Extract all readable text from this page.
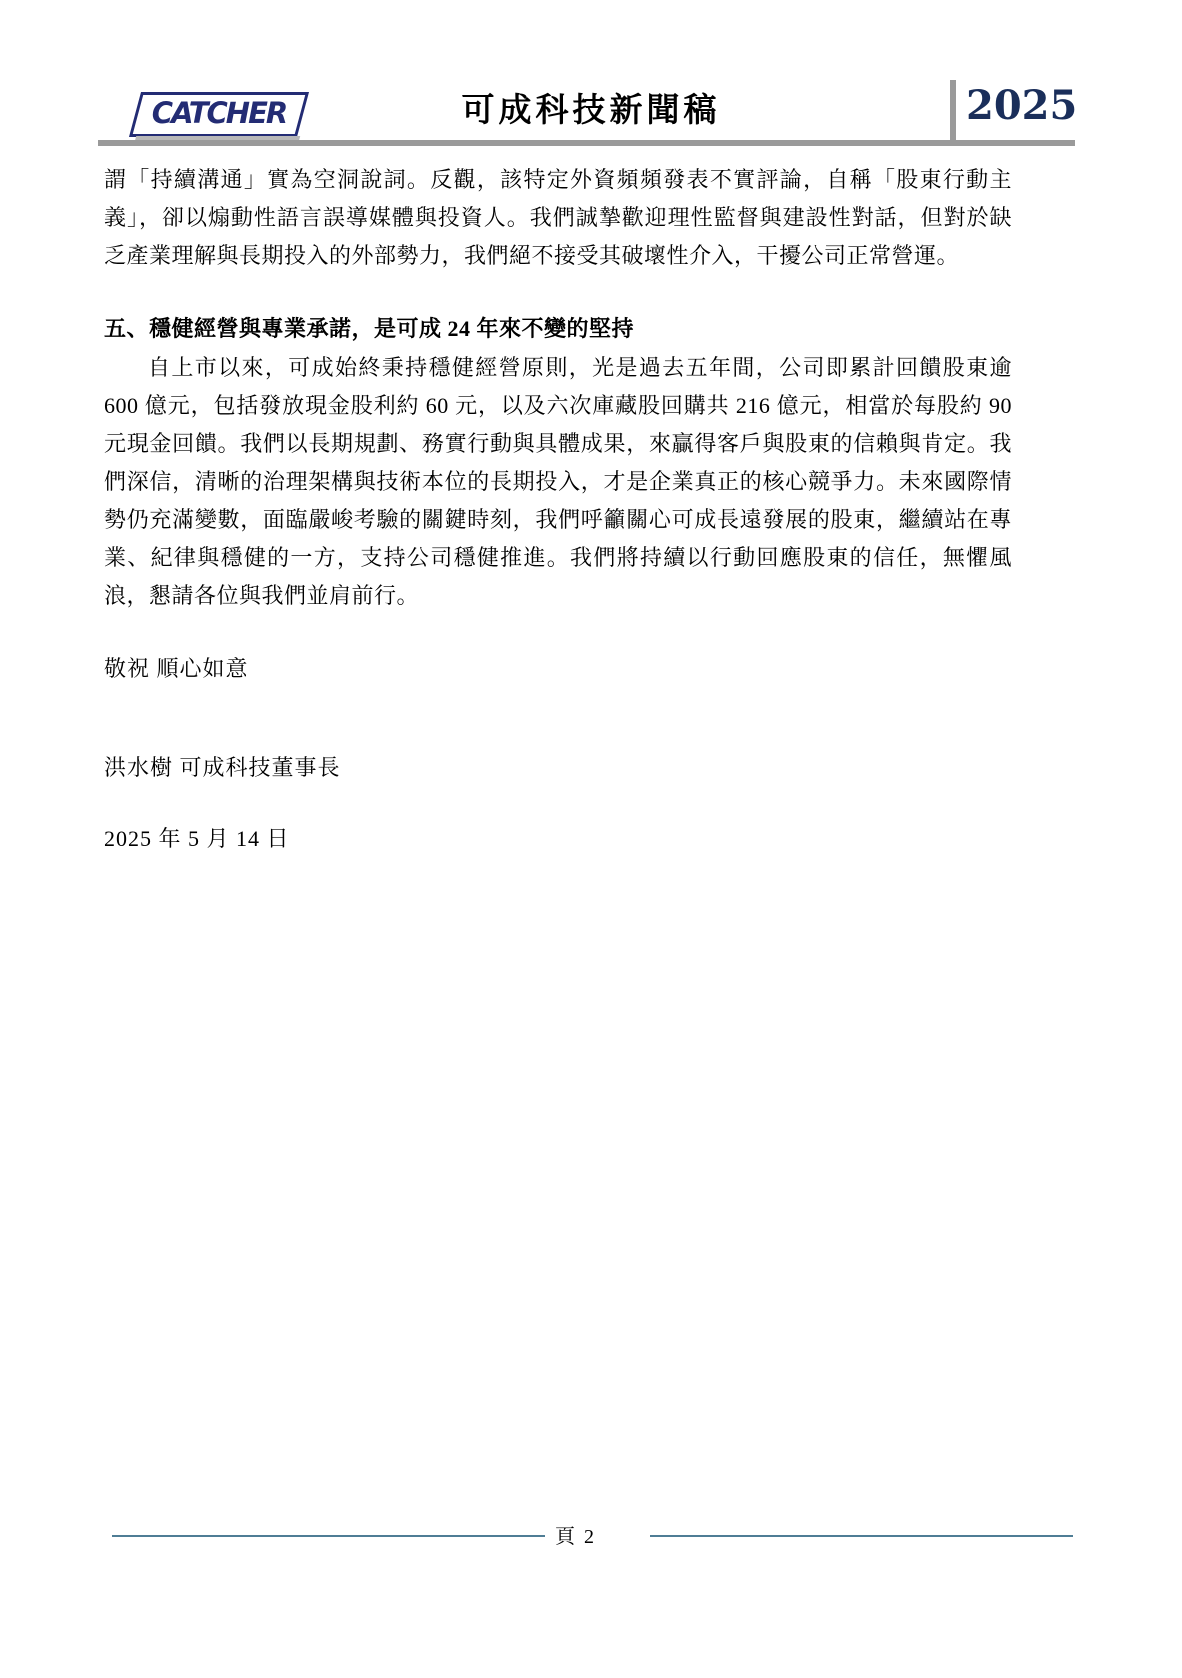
CATCHER	可成科技新聞稿	2025
謂「持續溝通」實為空洞說詞。反觀，該特定外資頻頻發表不實評論，自稱「股東行動主義」，卻以煽動性語言誤導媒體與投資人。我們誠摯歡迎理性監督與建設性對話，但對於缺乏產業理解與長期投入的外部勢力，我們絕不接受其破壞性介入，干擾公司正常營運。
五、穩健經營與專業承諾，是可成 24 年來不變的堅持
自上市以來，可成始終秉持穩健經營原則，光是過去五年間，公司即累計回饋股東逾 600 億元，包括發放現金股利約 60 元，以及六次庫藏股回購共 216 億元，相當於每股約 90 元現金回饋。我們以長期規劃、務實行動與具體成果，來贏得客戶與股東的信賴與肯定。我們深信，清晰的治理架構與技術本位的長期投入，才是企業真正的核心競爭力。未來國際情勢仍充滿變數，面臨嚴峻考驗的關鍵時刻，我們呼籲關心可成長遠發展的股東，繼續站在專業、紀律與穩健的一方，支持公司穩健推進。我們將持續以行動回應股東的信任，無懼風浪，懇請各位與我們並肩前行。
敬祝 順心如意
洪水樹 可成科技董事長
2025 年 5 月 14 日
頁 2
